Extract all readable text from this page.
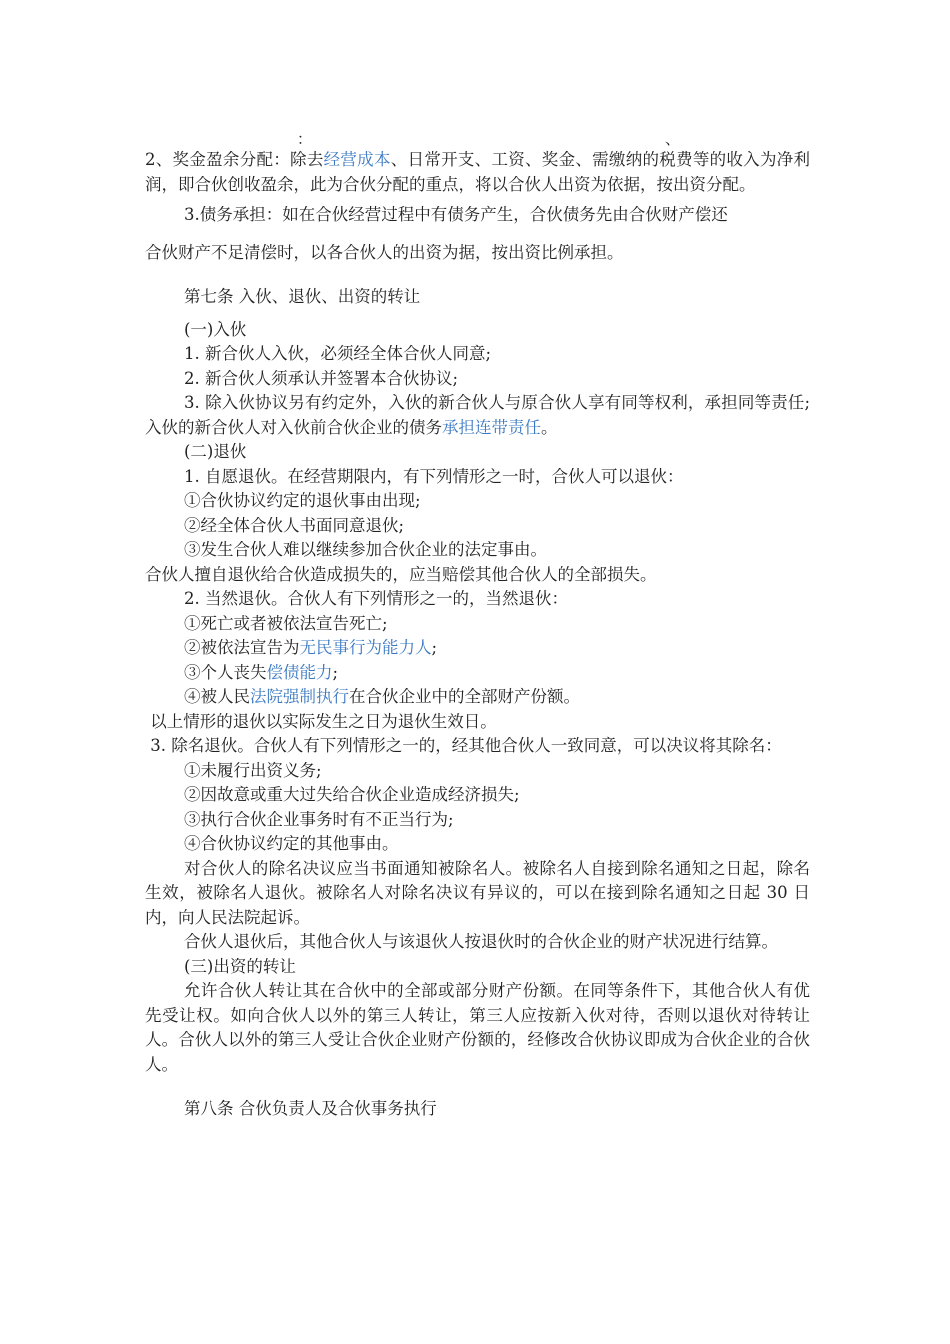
：	、

2、奖金盈余分配：除去经营成本、日常开支、工资、奖金、需缴纳的税费等的收入为净利润，即合伙创收盈余，此为合伙分配的重点，将以合伙人出资为依据，按出资分配。

3.债务承担：如在合伙经营过程中有债务产生，合伙债务先由合伙财产偿还

合伙财产不足清偿时，以各合伙人的出资为据，按出资比例承担。

第七条 入伙、退伙、出资的转让

(一)入伙

1. 新合伙人入伙，必须经全体合伙人同意;

2. 新合伙人须承认并签署本合伙协议;

3. 除入伙协议另有约定外，入伙的新合伙人与原合伙人享有同等权利，承担同等责任;入伙的新合伙人对入伙前合伙企业的债务承担连带责任。

(二)退伙

1. 自愿退伙。在经营期限内，有下列情形之一时，合伙人可以退伙：

①合伙协议约定的退伙事由出现;

②经全体合伙人书面同意退伙;

③发生合伙人难以继续参加合伙企业的法定事由。

合伙人擅自退伙给合伙造成损失的，应当赔偿其他合伙人的全部损失。

2. 当然退伙。合伙人有下列情形之一的，当然退伙：

①死亡或者被依法宣告死亡;

②被依法宣告为无民事行为能力人;

③个人丧失偿债能力;

④被人民法院强制执行在合伙企业中的全部财产份额。

以上情形的退伙以实际发生之日为退伙生效日。

3. 除名退伙。合伙人有下列情形之一的，经其他合伙人一致同意，可以决议将其除名：

①未履行出资义务;

②因故意或重大过失给合伙企业造成经济损失;

③执行合伙企业事务时有不正当行为;

④合伙协议约定的其他事由。

对合伙人的除名决议应当书面通知被除名人。被除名人自接到除名通知之日起，除名生效，被除名人退伙。被除名人对除名决议有异议的，可以在接到除名通知之日起 30 日内，向人民法院起诉。

合伙人退伙后，其他合伙人与该退伙人按退伙时的合伙企业的财产状况进行结算。

(三)出资的转让

允许合伙人转让其在合伙中的全部或部分财产份额。在同等条件下，其他合伙人有优先受让权。如向合伙人以外的第三人转让，第三人应按新入伙对待，否则以退伙对待转让人。合伙人以外的第三人受让合伙企业财产份额的，经修改合伙协议即成为合伙企业的合伙人。

第八条 合伙负责人及合伙事务执行
